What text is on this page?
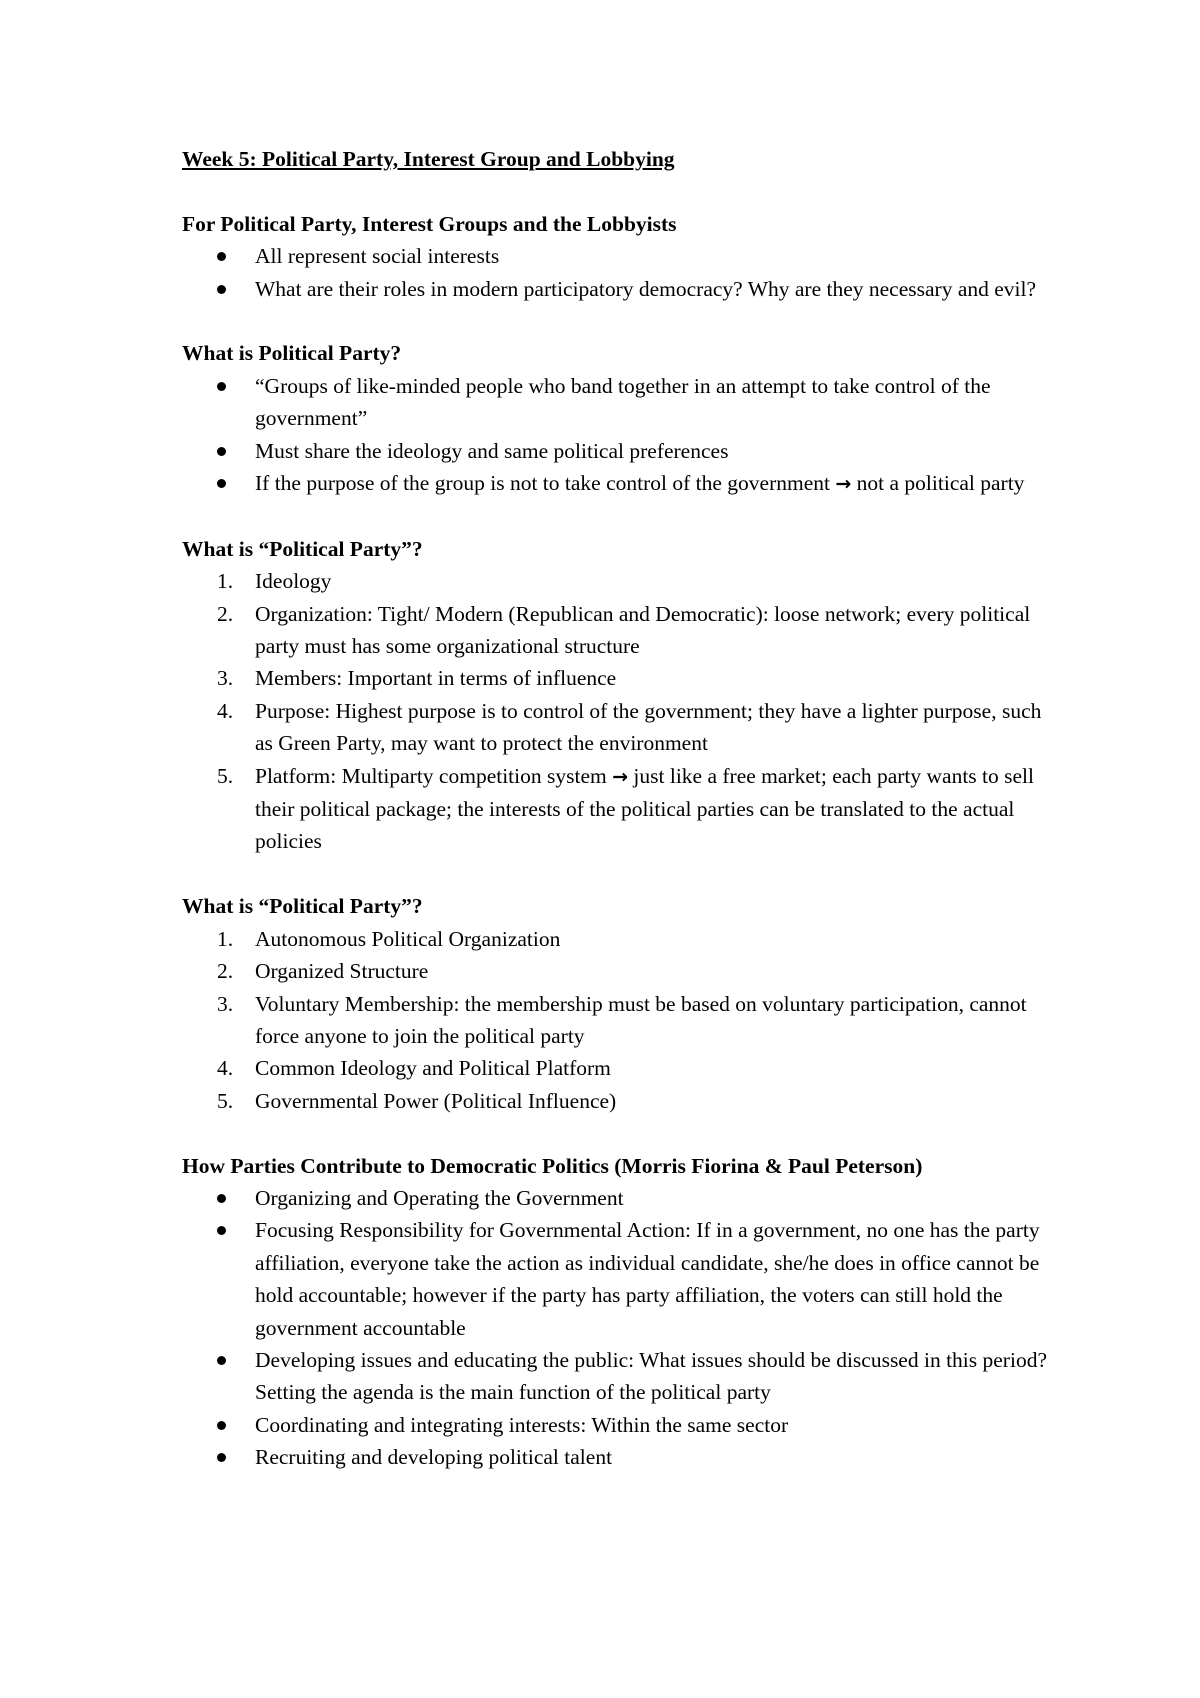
Week 5: Political Party, Interest Group and Lobbying
For Political Party, Interest Groups and the Lobbyists
All represent social interests
What are their roles in modern participatory democracy? Why are they necessary and evil?
What is Political Party?
“Groups of like-minded people who band together in an attempt to take control of the government”
Must share the ideology and same political preferences
If the purpose of the group is not to take control of the government → not a political party
What is “Political Party”?
1. Ideology
2. Organization: Tight/ Modern (Republican and Democratic): loose network; every political party must has some organizational structure
3. Members: Important in terms of influence
4. Purpose: Highest purpose is to control of the government; they have a lighter purpose, such as Green Party, may want to protect the environment
5. Platform: Multiparty competition system → just like a free market; each party wants to sell their political package; the interests of the political parties can be translated to the actual policies
What is “Political Party”?
1. Autonomous Political Organization
2. Organized Structure
3. Voluntary Membership: the membership must be based on voluntary participation, cannot force anyone to join the political party
4. Common Ideology and Political Platform
5. Governmental Power (Political Influence)
How Parties Contribute to Democratic Politics (Morris Fiorina & Paul Peterson)
Organizing and Operating the Government
Focusing Responsibility for Governmental Action: If in a government, no one has the party affiliation, everyone take the action as individual candidate, she/he does in office cannot be hold accountable; however if the party has party affiliation, the voters can still hold the government accountable
Developing issues and educating the public: What issues should be discussed in this period? Setting the agenda is the main function of the political party
Coordinating and integrating interests: Within the same sector
Recruiting and developing political talent
